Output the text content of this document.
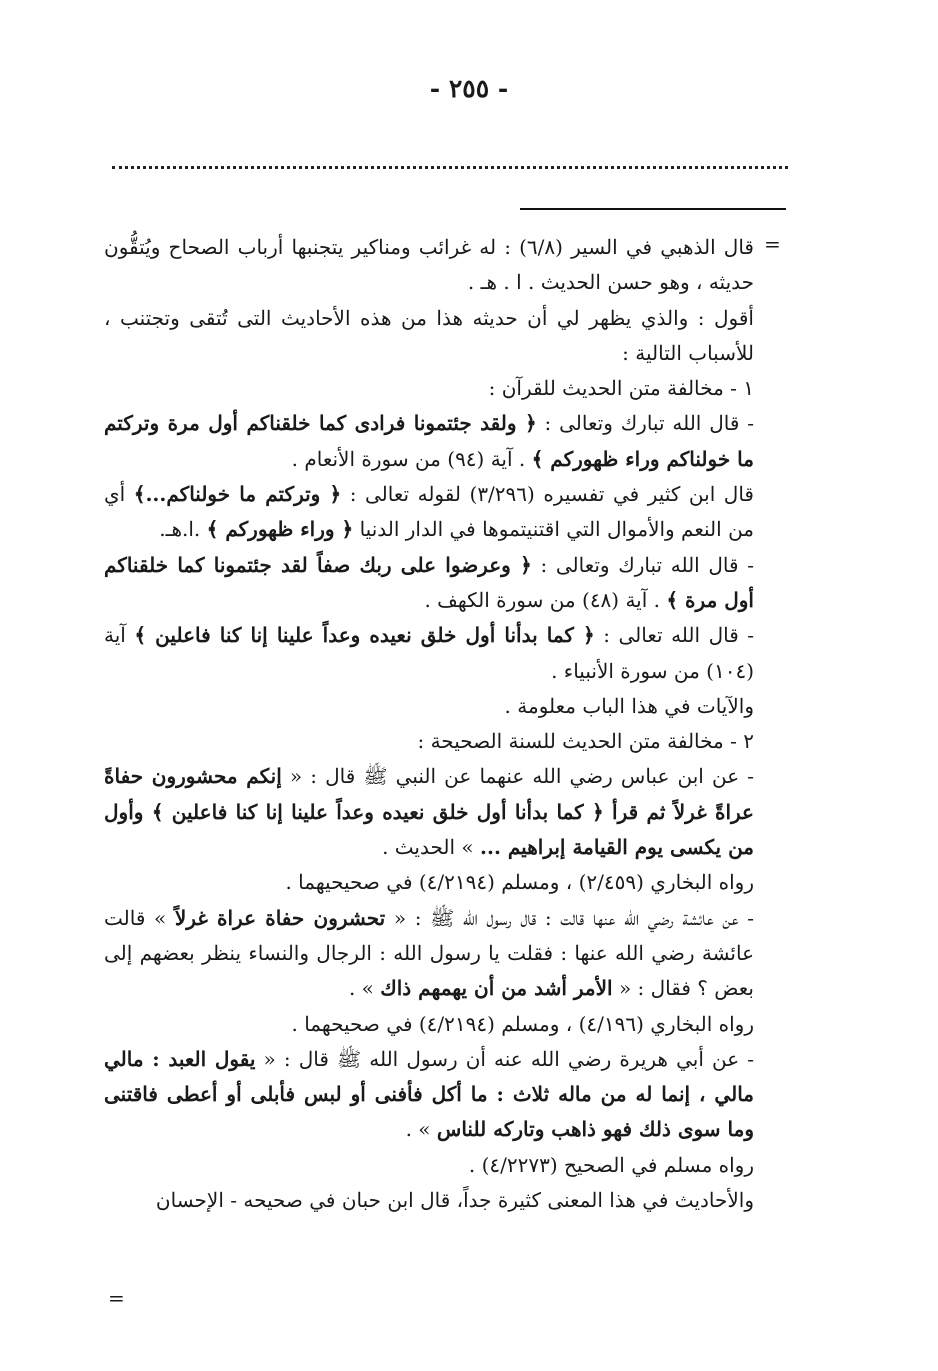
- ٢٥٥ -
=

قال الذهبي في السير (٦/٨) : له غرائب ومناكير يتجنبها أرباب الصحاح ويُتقُّون حديثه ، وهو حسن الحديث . ا . هـ .

أقول : والذي يظهر لي أن حديثه هذا من هذه الأحاديث التى تُتقى وتجتنب ، للأسباب التالية :

١ - مخالفة متن الحديث للقرآن :

- قال الله تبارك وتعالى : ﴿ ولقد جئتمونا فرادى كما خلقناكم أول مرة وتركتم ما خولناكم وراء ظهوركم ﴾ . آية (٩٤) من سورة الأنعام .

قال ابن كثير في تفسيره (٣/٢٩٦) لقوله تعالى : ﴿ وتركتم ما خولناكم...﴾ أي من النعم والأموال التي اقتنيتموها في الدار الدنيا ﴿ وراء ظهوركم ﴾ .ا.هـ.

- قال الله تبارك وتعالى : ﴿ وعرضوا على ربك صفاً لقد جئتمونا كما خلقناكم أول مرة ﴾ . آية (٤٨) من سورة الكهف .

- قال الله تعالى : ﴿ كما بدأنا أول خلق نعيده وعداً علينا إنا كنا فاعلين ﴾ آية (١٠٤) من سورة الأنبياء .

والآيات في هذا الباب معلومة .

٢ - مخالفة متن الحديث للسنة الصحيحة :

- عن ابن عباس رضي الله عنهما عن النبي ﷺ قال : « إنكم محشورون حفاةً عراةً غرلاً ثم قرأ ﴿ كما بدأنا أول خلق نعيده وعداً علينا إنا كنا فاعلين ﴾ وأول من يكسى يوم القيامة إبراهيم ... » الحديث .

رواه البخاري (٢/٤٥٩) ، ومسلم (٤/٢١٩٤) في صحيحيهما .

- عن عائشة رضي الله عنها قالت : قال رسول الله ﷺ : « تحشرون حفاة عراة غرلاً » قالت عائشة رضي الله عنها : فقلت يا رسول الله : الرجال والنساء ينظر بعضهم إلى بعض ؟ فقال : « الأمر أشد من أن يهمهم ذاك » .

رواه البخاري (٤/١٩٦) ، ومسلم (٤/٢١٩٤) في صحيحهما .

- عن أبي هريرة رضي الله عنه أن رسول الله ﷺ قال : « يقول العبد : مالي مالي ، إنما له من ماله ثلاث : ما أكل فأفنى أو لبس فأبلى أو أعطى فاقتنى وما سوى ذلك فهو ذاهب وتاركه للناس » .

رواه مسلم في الصحيح (٤/٢٢٧٣) .

والأحاديث في هذا المعنى كثيرة جداً، قال ابن حبان في صحيحه - الإحسان

=
